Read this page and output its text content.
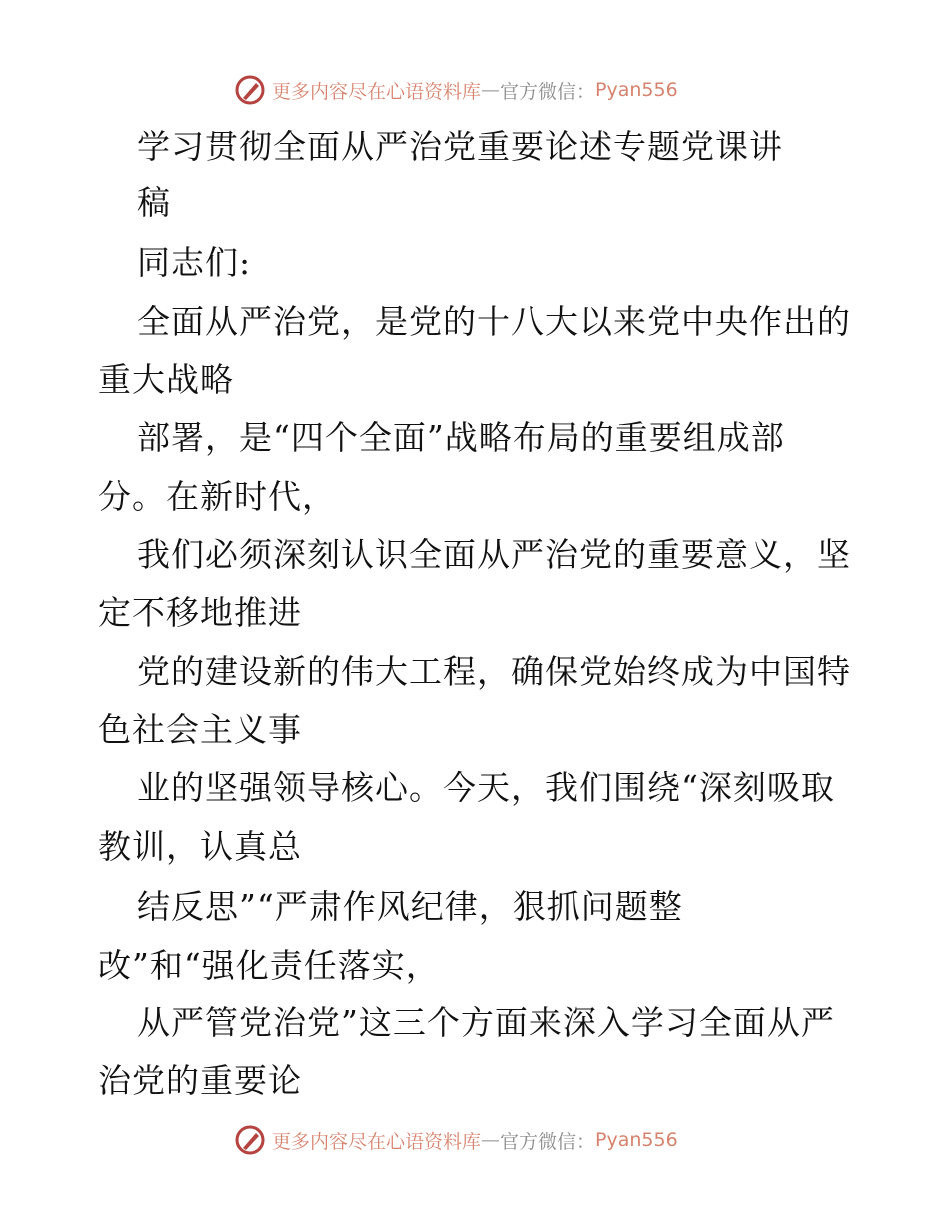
更多内容尽在心语资料库 — 官方微信： Pyan556
学习贯彻全面从严治党重要论述专题党课讲
稿
同志们:
全面从严治党，是党的十八大以来党中央作出的
重大战略
部署，是“四个全面”战略布局的重要组成部
分。在新时代，
我们必须深刻认识全面从严治党的重要意义，坚
定不移地推进
党的建设新的伟大工程，确保党始终成为中国特
色社会主义事
业的坚强领导核心。今天，我们围绕“深刻吸取
教训，认真总
结反思”“严肃作风纪律，狠抓问题整
改”和“强化责任落实，
从严管党治党”这三个方面来深入学习全面从严
治党的重要论
更多内容尽在心语资料库 — 官方微信： Pyan556
